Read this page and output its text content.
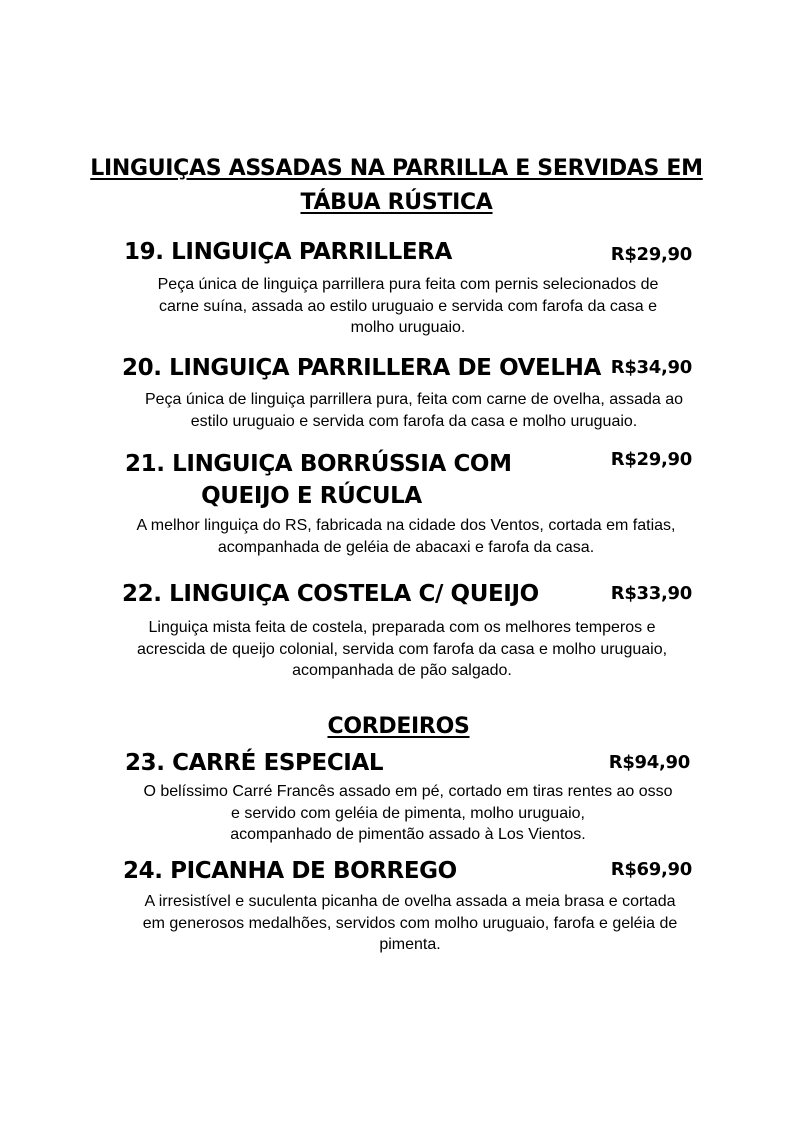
LINGUIÇAS ASSADAS NA PARRILLA E SERVIDAS EM
TÁBUA RÚSTICA
19. LINGUIÇA PARRILLERA	R$29,90
Peça única de linguiça parrillera pura feita com pernis selecionados de
carne suína, assada ao estilo uruguaio e servida com farofa da casa e
molho uruguaio.
20. LINGUIÇA PARRILLERA DE OVELHA R$34,90
Peça única de linguiça parrillera pura, feita com carne de ovelha, assada ao
estilo uruguaio e servida com farofa da casa e molho uruguaio.
21. LINGUIÇA BORRÚSSIA COM
QUEIJO E RÚCULA
R$29,90
A melhor linguiça do RS, fabricada na cidade dos Ventos, cortada em fatias,
acompanhada de geléia de abacaxi e farofa da casa.
22. LINGUIÇA COSTELA C/ QUEIJO	R$33,90
Linguiça mista feita de costela, preparada com os melhores temperos e
acrescida de queijo colonial, servida com farofa da casa e molho uruguaio,
acompanhada de pão salgado.
CORDEIROS
23. CARRÉ ESPECIAL	R$94,90
O belíssimo Carré Francês assado em pé, cortado em tiras rentes ao osso
e servido com geléia de pimenta, molho uruguaio,
acompanhado de pimentão assado à Los Vientos.
24. PICANHA DE BORREGO	R$69,90
A irresistível e suculenta picanha de ovelha assada a meia brasa e cortada
em generosos medalhões, servidos com molho uruguaio, farofa e geléia de
pimenta.
